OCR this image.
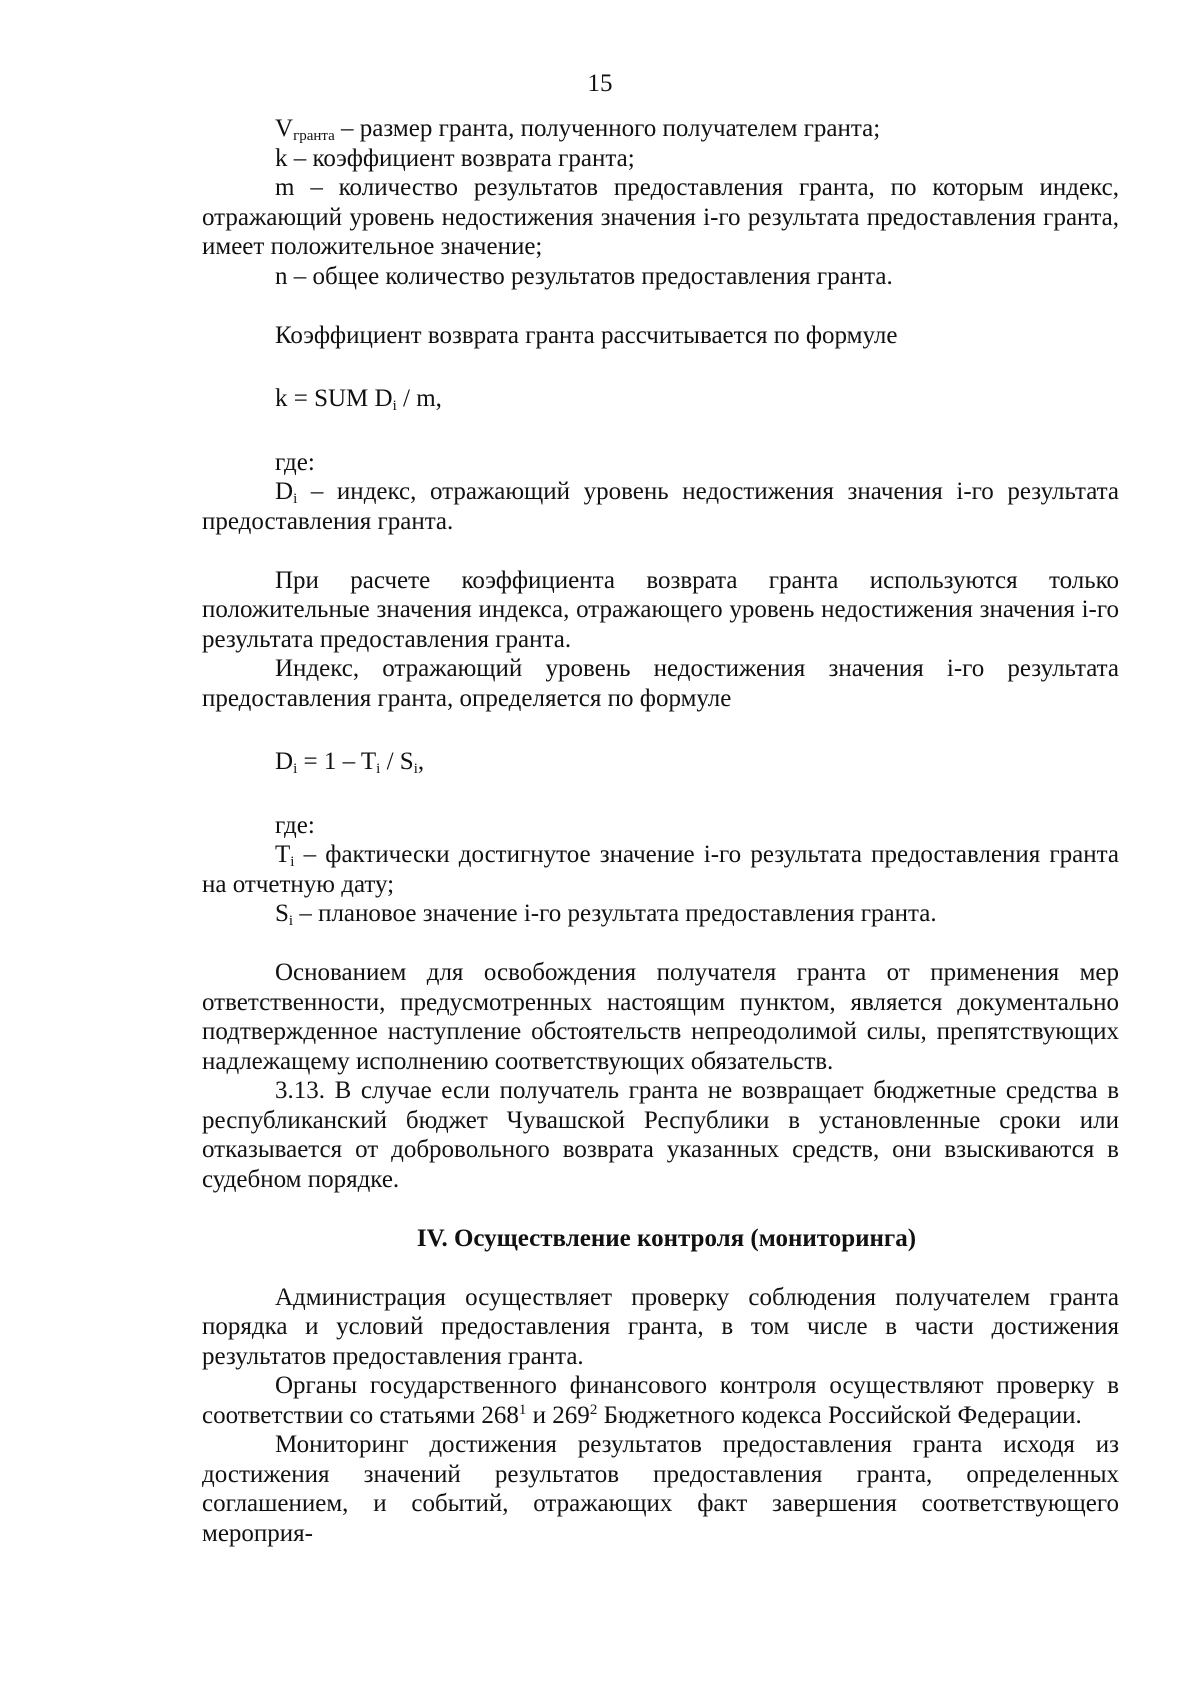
15

$V_{гранта}$ – размер гранта, полученного получателем гранта;

k – коэффициент возврата гранта;

m – количество результатов предоставления гранта, по которым индекс, отражающий уровень недостижения значения i-го результата предоставления гранта, имеет положительное значение;

n – общее количество результатов предоставления гранта.

Коэффициент возврата гранта рассчитывается по формуле

k = SUM $D_i$ / m,

где:

$D_i$ – индекс, отражающий уровень недостижения значения i-го результата предоставления гранта.

При расчете коэффициента возврата гранта используются только положительные значения индекса, отражающего уровень недостижения значения i-го результата предоставления гранта.

Индекс, отражающий уровень недостижения значения i-го результата предоставления гранта, определяется по формуле

$D_i = 1 - T_i / S_i$,

где:

$T_i$ – фактически достигнутое значение i-го результата предоставления гранта на отчетную дату;

$S_i$ – плановое значение i-го результата предоставления гранта.

Основанием для освобождения получателя гранта от применения мер ответственности, предусмотренных настоящим пунктом, является документально подтвержденное наступление обстоятельств непреодолимой силы, препятствующих надлежащему исполнению соответствующих обязательств.

3.13. В случае если получатель гранта не возвращает бюджетные средства в республиканский бюджет Чувашской Республики в установленные сроки или отказывается от добровольного возврата указанных средств, они взыскиваются в судебном порядке.

IV. Осуществление контроля (мониторинга)

Администрация осуществляет проверку соблюдения получателем гранта порядка и условий предоставления гранта, в том числе в части достижения результатов предоставления гранта.

Органы государственного финансового контроля осуществляют проверку в соответствии со статьями $268^1$ и $269^2$ Бюджетного кодекса Российской Федерации.

Мониторинг достижения результатов предоставления гранта исходя из достижения значений результатов предоставления гранта, определенных соглашением, и событий, отражающих факт завершения соответствующего мероприя-
